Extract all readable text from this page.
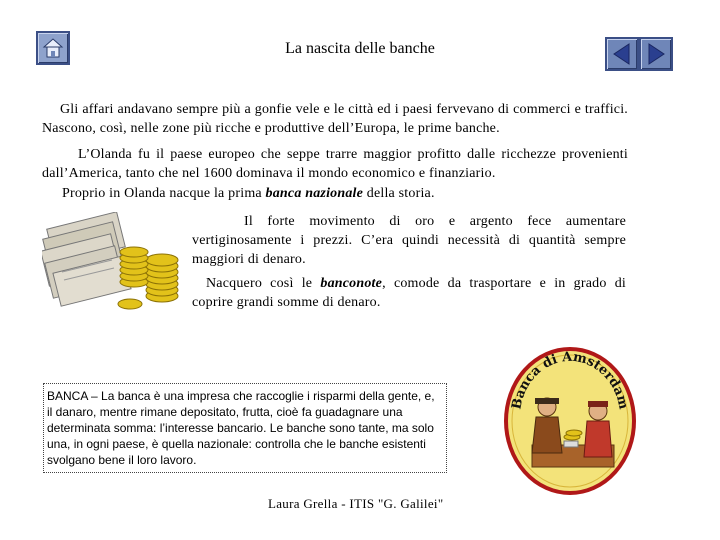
La nascita delle banche
Gli affari andavano sempre più a gonfie vele e le città ed i paesi fervevano di commerci e traffici. Nascono, così, nelle zone più ricche e produttive dell’Europa, le prime banche.
L’Olanda fu il paese europeo che seppe trarre maggior profitto dalle ricchezze provenienti dall’America, tanto che nel 1600 dominava il mondo economico e finanziario.
Proprio in Olanda nacque la prima banca nazionale della storia.
Il forte movimento di oro e argento fece aumentare vertiginosamente i prezzi. C’era quindi necessità di quantità sempre maggiori di denaro.
Nacquero così le banconote, comode da trasportare e in grado di coprire grandi somme di denaro.
BANCA – La banca è una impresa che raccoglie i risparmi della gente, e, il danaro, mentre rimane depositato, frutta, cioè fa guadagnare una determinata somma: l’interesse bancario. Le banche sono tante, ma solo una, in ogni paese, è quella nazionale: controlla che le banche esistenti svolgano bene il loro lavoro.
Banca di Amsterdam
Laura Grella - ITIS "G. Galilei"
